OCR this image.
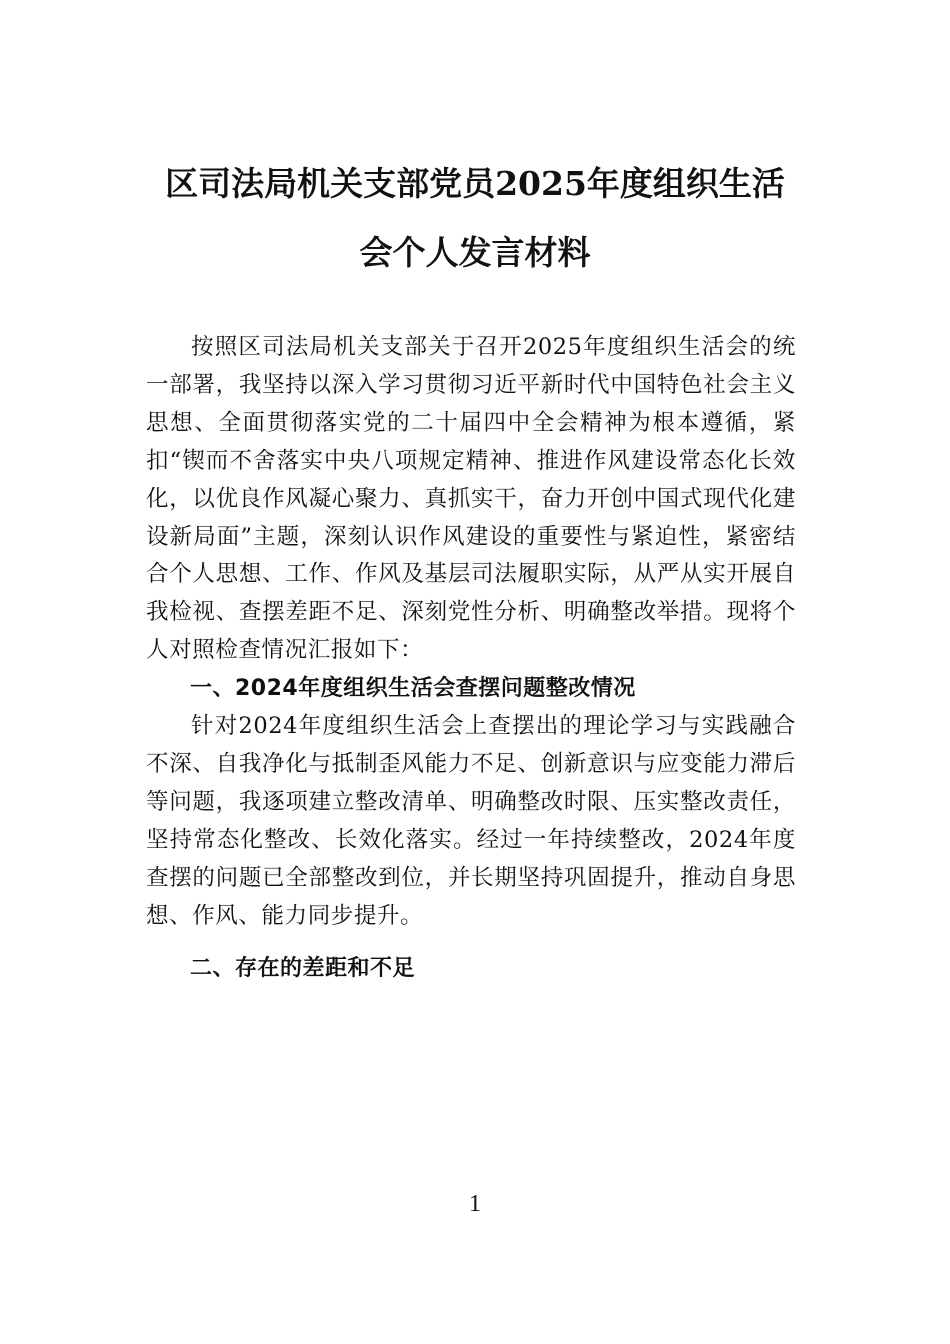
区司法局机关支部党员2025年度组织生活
会个人发言材料

按照区司法局机关支部关于召开2025年度组织生活会的统一部署，我坚持以深入学习贯彻习近平新时代中国特色社会主义思想、全面贯彻落实党的二十届四中全会精神为根本遵循，紧扣“锲而不舍落实中央八项规定精神、推进作风建设常态化长效化，以优良作风凝心聚力、真抓实干，奋力开创中国式现代化建设新局面”主题，深刻认识作风建设的重要性与紧迫性，紧密结合个人思想、工作、作风及基层司法履职实际，从严从实开展自我检视、查摆差距不足、深刻党性分析、明确整改举措。现将个人对照检查情况汇报如下：

一、2024年度组织生活会查摆问题整改情况

针对2024年度组织生活会上查摆出的理论学习与实践融合不深、自我净化与抵制歪风能力不足、创新意识与应变能力滞后等问题，我逐项建立整改清单、明确整改时限、压实整改责任，坚持常态化整改、长效化落实。经过一年持续整改，2024年度查摆的问题已全部整改到位，并长期坚持巩固提升，推动自身思想、作风、能力同步提升。

二、存在的差距和不足

1
